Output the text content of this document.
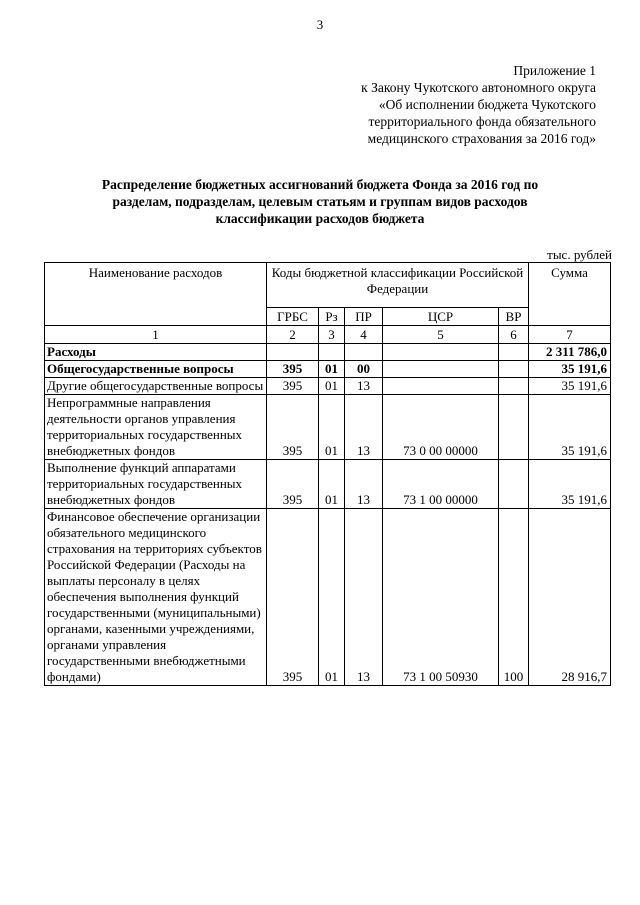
3
Приложение 1
к Закону Чукотского автономного округа
«Об исполнении бюджета Чукотского
территориального фонда обязательного
медицинского страхования за 2016 год»
Распределение бюджетных ассигнований бюджета Фонда за 2016 год по
разделам, подразделам, целевым статьям и группам видов расходов
классификации расходов бюджета
тыс. рублей
Наименование расходов	Коды бюджетной классификации Российской Федерации					Сумма
	ГРБС	Рз	ПР	ЦСР	ВР	
1	2	3	4	5	6	7
Расходы						2 311 786,0
Общегосударственные вопросы	395	01	00			35 191,6
Другие общегосударственные вопросы	395	01	13			35 191,6
Непрограммные направления деятельности органов управления территориальных государственных внебюджетных фондов	395	01	13	73 0 00 00000		35 191,6
Выполнение функций аппаратами территориальных государственных внебюджетных фондов	395	01	13	73 1 00 00000		35 191,6
Финансовое обеспечение организации обязательного медицинского страхования на территориях субъектов Российской Федерации (Расходы на выплаты персоналу в целях обеспечения выполнения функций государственными (муниципальными) органами, казенными учреждениями, органами управления государственными внебюджетными фондами)	395	01	13	73 1 00 50930	100	28 916,7
